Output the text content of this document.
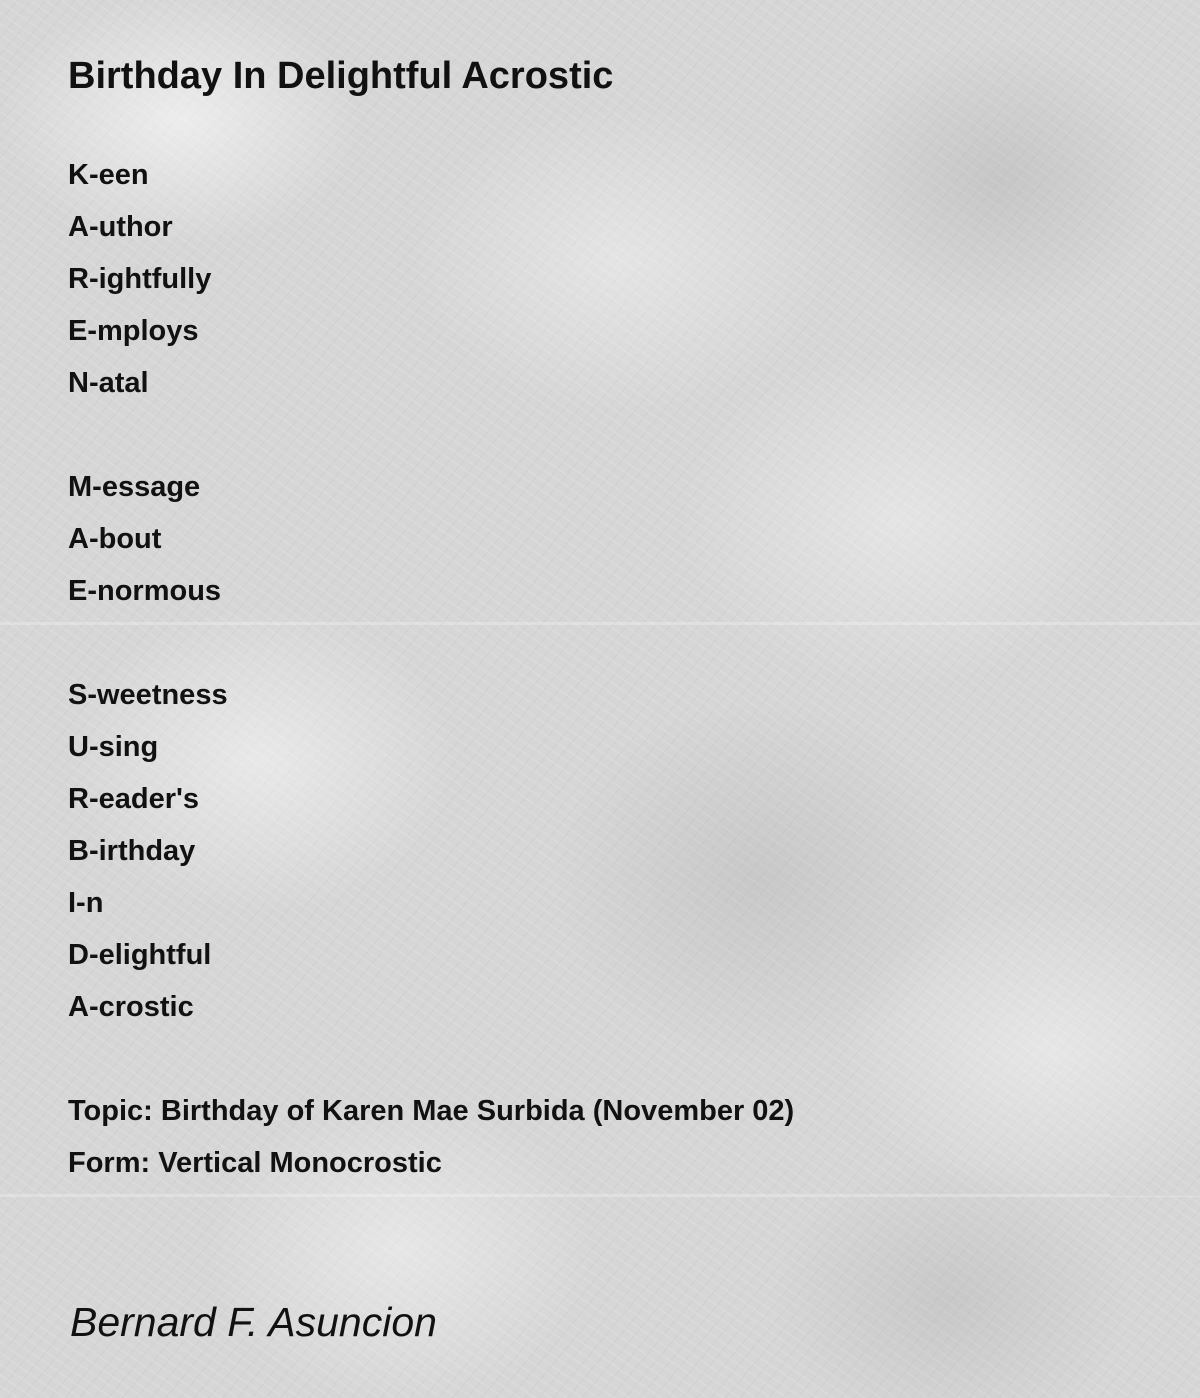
Birthday In Delightful Acrostic
K-een
A-uthor
R-ightfully
E-mploys
N-atal
M-essage
A-bout
E-normous
S-weetness
U-sing
R-eader's
B-irthday
I-n
D-elightful
A-crostic
Topic: Birthday of Karen Mae Surbida (November 02)
Form: Vertical Monocrostic
Bernard F. Asuncion
